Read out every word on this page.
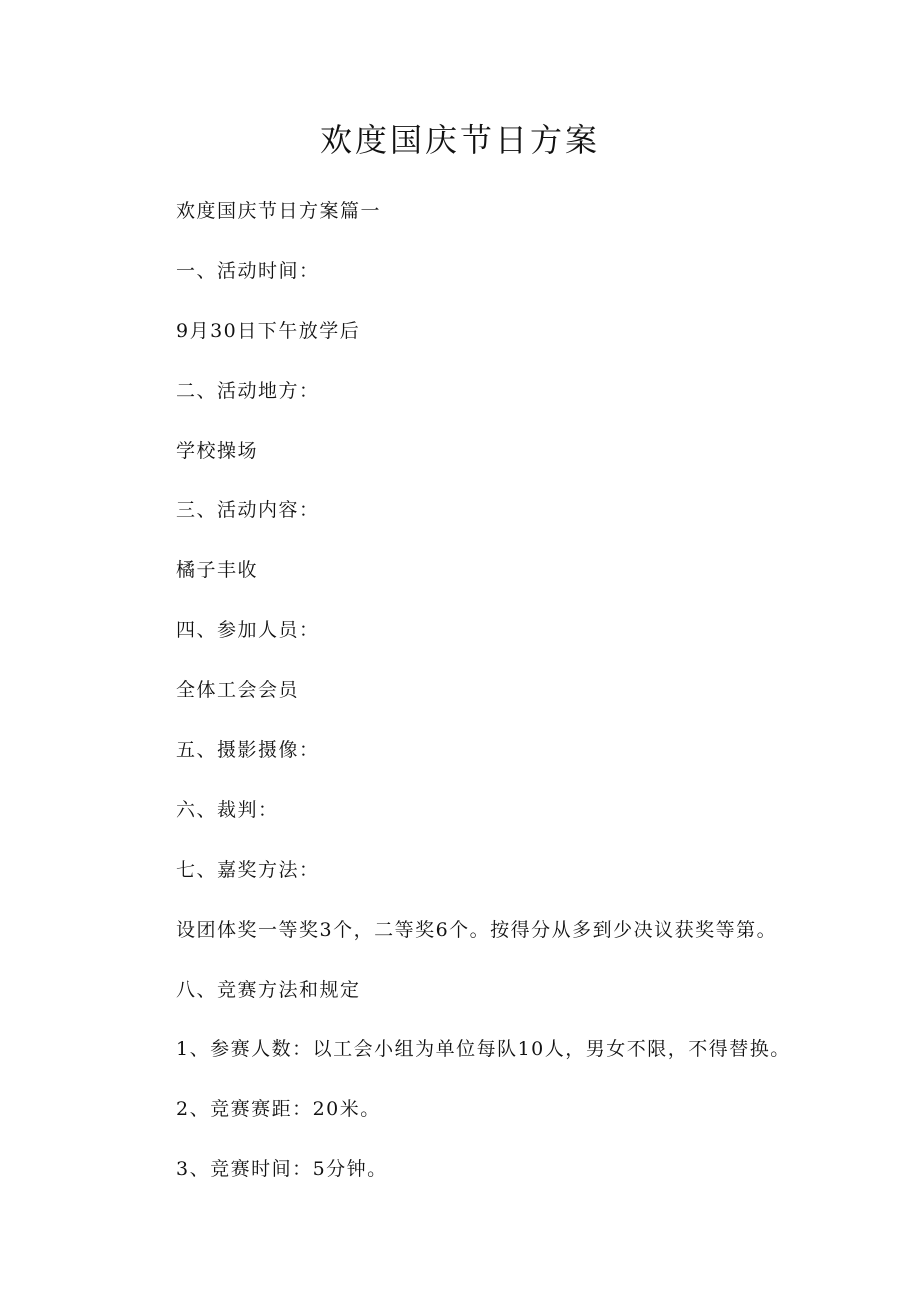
欢度国庆节日方案
欢度国庆节日方案篇一
一、活动时间：
9月30日下午放学后
二、活动地方：
学校操场
三、活动内容：
橘子丰收
四、参加人员：
全体工会会员
五、摄影摄像：
六、裁判：
七、嘉奖方法：
设团体奖一等奖3个，二等奖6个。按得分从多到少决议获奖等第。
八、竞赛方法和规定
1、参赛人数：以工会小组为单位每队10人，男女不限，不得替换。
2、竞赛赛距：20米。
3、竞赛时间：5分钟。
